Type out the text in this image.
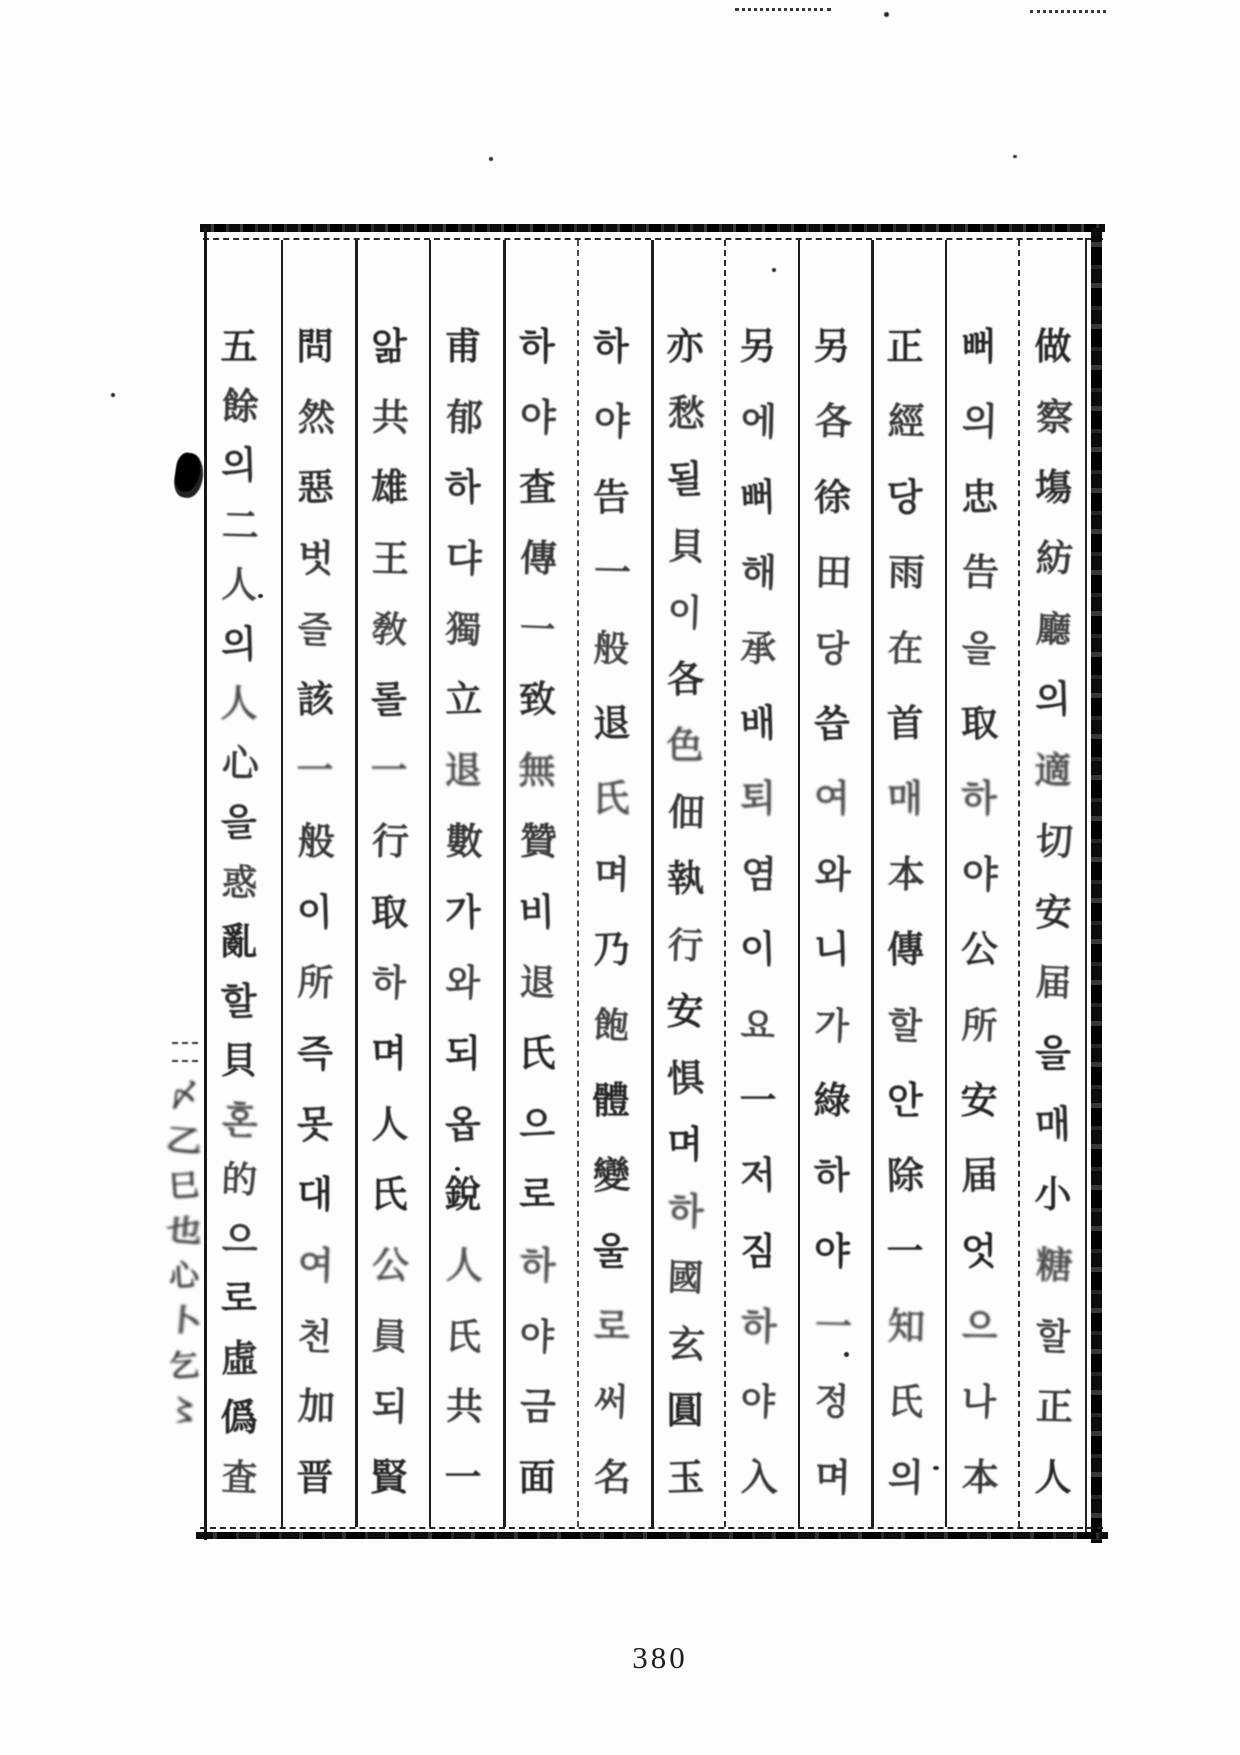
做
察
塲
紡
廳
의
適
切
安
届
을
매
小
糖
할
正
人
뻐
의
忠
告
을
取
하
야
公
所
安
届
엇
으
나
本
正
經
당
雨
在
首
매
本
傳
할
안
除
一
知
氏
의
另
各
徐
田
당
씁
여
와
니
가
綠
하
야
一
정
며
另
에
뻐
해
承
배
퇴
염
이
요
一
저
짐
하
야
入
亦
愁
될
貝
이
各
色
佃
執
行
安
惧
며
하
國
玄
圓
玉
하
야
告
一
般
退
氏
며
乃
飽
體
變
울
로
써
名
하
야
査
傳
一
致
無
贊
비
退
氏
으
로
하
야
금
面
甫
郁
하
댜
獨
立
退
數
가
와
되
옵
銳
人
氏
共
一
앎
共
雄
王
敎
롤
一
行
取
하
며
人
氏
公
員
되
賢
問
然
惡
벗
즐
該
一
般
이
所
즉
못
대
여
천
加
晋
五
餘
의
二
人
의
人
心
을
惑
亂
할
貝
혼
的
으
로
虛
僞
査
〆
乙
巳
也
心
卜
乞
〻
380
